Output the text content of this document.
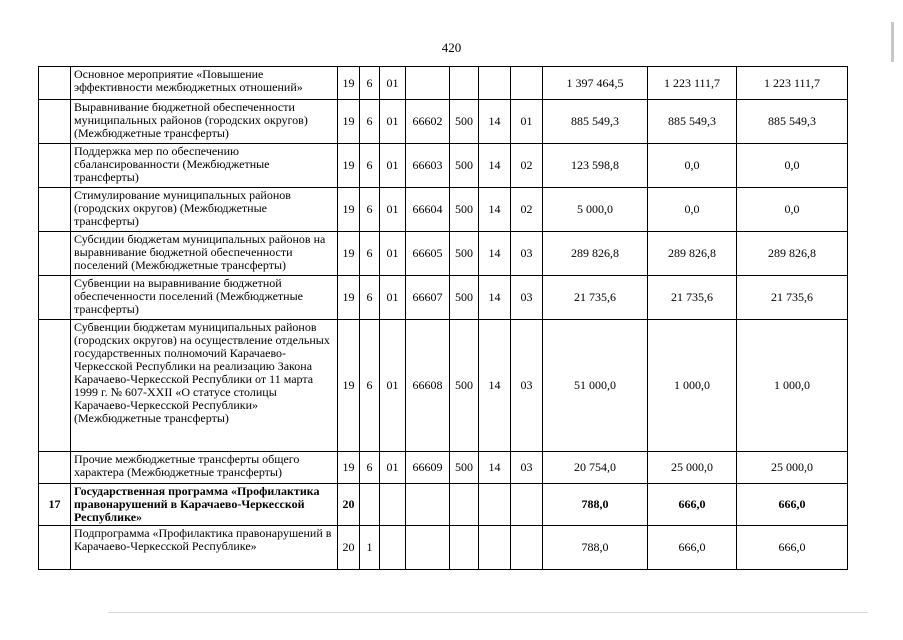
420
	Основное мероприятие «Повышение эффективности межбюджетных отношений»	19	6	01					1 397 464,5	1 223 111,7	1 223 111,7
	Выравнивание бюджетной обеспеченности муниципальных районов (городских округов) (Межбюджетные трансферты)	19	6	01	66602	500	14	01	885 549,3	885 549,3	885 549,3
	Поддержка мер по обеспечению сбалансированности (Межбюджетные трансферты)	19	6	01	66603	500	14	02	123 598,8	0,0	0,0
	Стимулирование муниципальных районов (городских округов) (Межбюджетные трансферты)	19	6	01	66604	500	14	02	5 000,0	0,0	0,0
	Субсидии бюджетам муниципальных районов на выравнивание бюджетной обеспеченности поселений (Межбюджетные трансферты)	19	6	01	66605	500	14	03	289 826,8	289 826,8	289 826,8
	Субвенции на выравнивание бюджетной обеспеченности поселений (Межбюджетные трансферты)	19	6	01	66607	500	14	03	21 735,6	21 735,6	21 735,6
	Субвенции бюджетам муниципальных районов (городских округов) на осуществление отдельных государственных полномочий Карачаево-Черкесской Республики на реализацию Закона Карачаево-Черкесской Республики от 11 марта 1999 г. № 607-XXII «О статусе столицы Карачаево-Черкесской Республики» (Межбюджетные трансферты)	19	6	01	66608	500	14	03	51 000,0	1 000,0	1 000,0
	Прочие межбюджетные трансферты общего характера (Межбюджетные трансферты)	19	6	01	66609	500	14	03	20 754,0	25 000,0	25 000,0
17	Государственная программа «Профилактика правонарушений в Карачаево-Черкесской Республике»	20							788,0	666,0	666,0
	Подпрограмма «Профилактика правонарушений в Карачаево-Черкесской Республике»	20	1						788,0	666,0	666,0
